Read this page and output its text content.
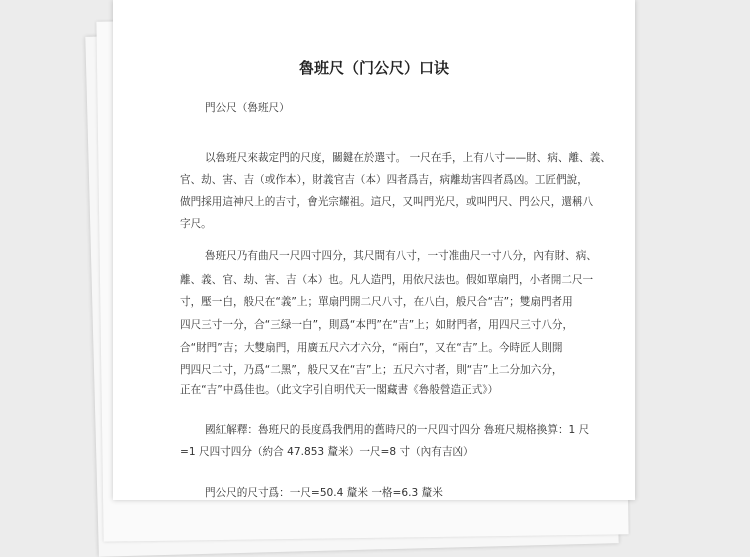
魯班尺（门公尺）口诀
門公尺（魯班尺）
以魯班尺來裁定門的尺度，關鍵在於選寸。 一尺在手，上有八寸——財、病、離、義、
官、劫、害、吉（或作本），財義官吉（本）四者爲吉，病離劫害四者爲凶。工匠們說，
做門採用這神尺上的吉寸，會光宗耀祖。這尺，又叫門光尺，或叫門尺、門公尺，還稱八
字尺。
魯班尺乃有曲尺一尺四寸四分，其尺間有八寸，一寸准曲尺一寸八分，內有財、病、
離、義、官、劫、害、吉（本）也。凡人造門，用依尺法也。假如單扇門，小者開二尺一
寸，壓一白，般尺在“義”上；單扇門開二尺八寸，在八白，般尺合“吉”；雙扇門者用
四尺三寸一分，合“三绿一白”，則爲“本門”在“吉”上；如財門者，用四尺三寸八分，
合“財門”吉；大雙扇門，用廣五尺六才六分，“兩白”，又在“吉”上。今時匠人則開
門四尺二寸，乃爲“二黑”，般尺又在“吉”上；五尺六寸者，則“吉”上二分加六分，
正在“吉”中爲佳也。（此文字引自明代天一閣藏書《魯般營造正式》）
國紅解釋：魯班尺的長度爲我們用的舊時尺的一尺四寸四分 魯班尺規格換算：1 尺
=1 尺四寸四分（約合 47.853 釐米）一尺=8 寸（內有吉凶）
門公尺的尺寸爲：一尺=50.4 釐米 一格=6.3 釐米
